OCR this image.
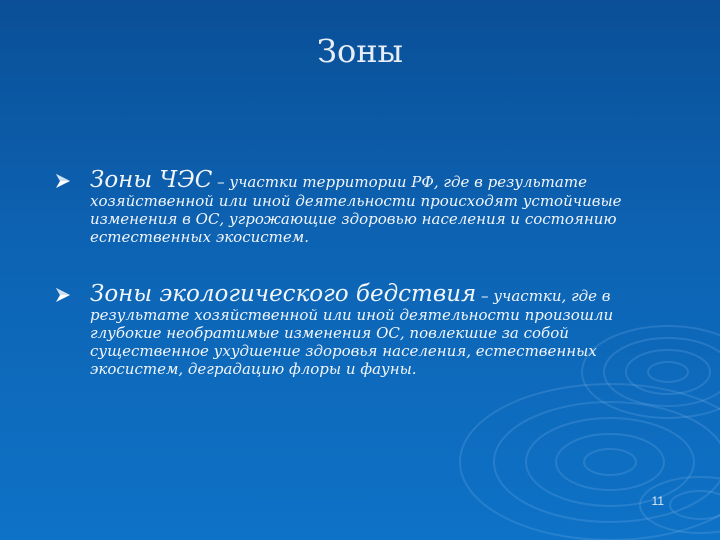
Зоны
Зоны ЧЭС – участки территории РФ, где в результате
хозяйственной или иной деятельности происходят устойчивые
изменения в ОС, угрожающие здоровью населения и состоянию
естественных экосистем.
Зоны экологического бедствия – участки, где в
результате хозяйственной или иной деятельности произошли
глубокие необратимые изменения ОС, повлекшие за собой
существенное ухудшение здоровья населения, естественных
экосистем, деградацию флоры и фауны.
11
